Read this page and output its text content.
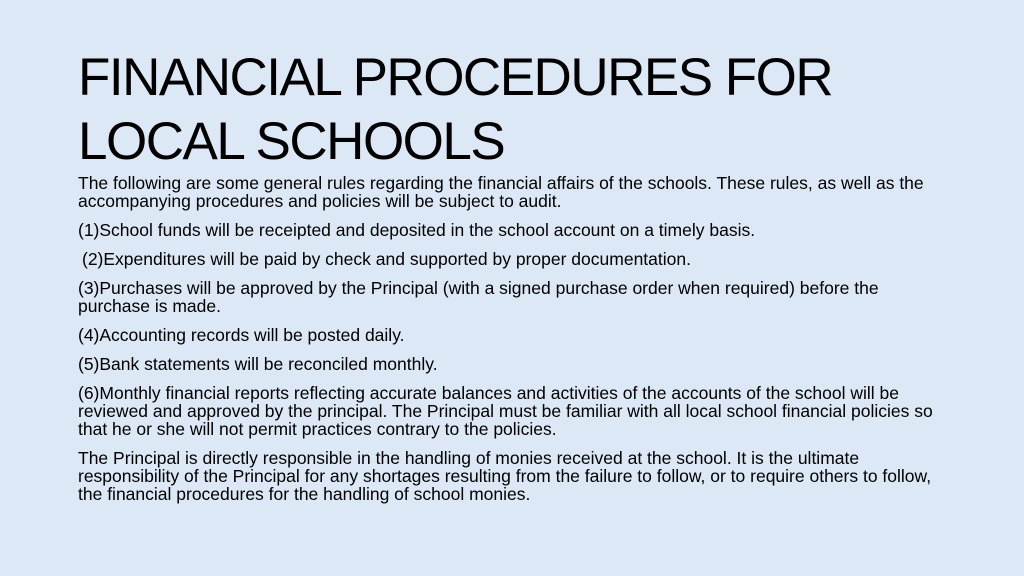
FINANCIAL PROCEDURES FOR
LOCAL SCHOOLS

The following are some general rules regarding the financial affairs of the schools. These rules, as well as the accompanying procedures and policies will be subject to audit.

(1)School funds will be receipted and deposited in the school account on a timely basis.

(2)Expenditures will be paid by check and supported by proper documentation.

(3)Purchases will be approved by the Principal (with a signed purchase order when required) before the purchase is made.

(4)Accounting records will be posted daily.

(5)Bank statements will be reconciled monthly.

(6)Monthly financial reports reflecting accurate balances and activities of the accounts of the school will be reviewed and approved by the principal. The Principal must be familiar with all local school financial policies so that he or she will not permit practices contrary to the policies.

The Principal is directly responsible in the handling of monies received at the school. It is the ultimate responsibility of the Principal for any shortages resulting from the failure to follow, or to require others to follow, the financial procedures for the handling of school monies.
